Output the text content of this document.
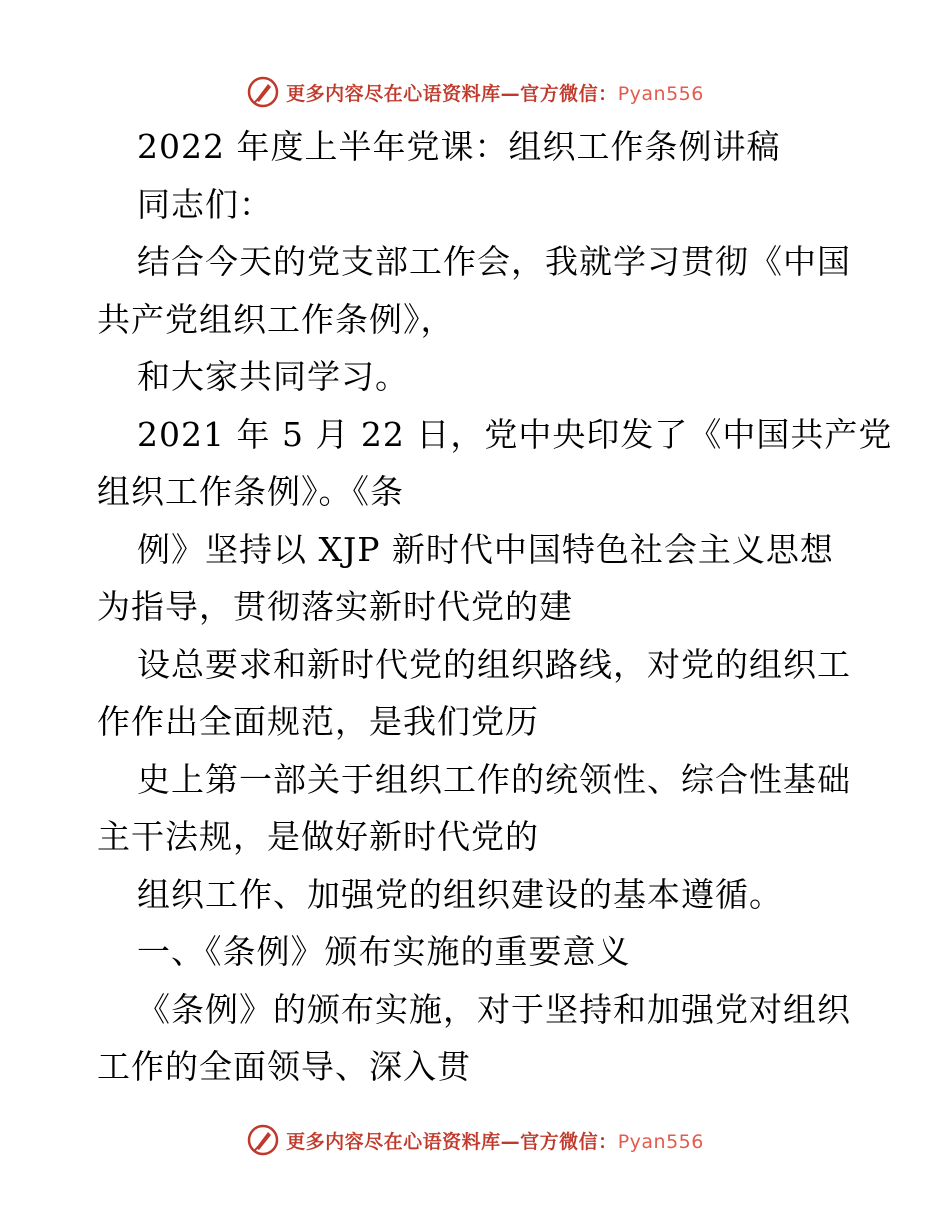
更多内容尽在心语资料库—官方微信：Pyan556
2022 年度上半年党课：组织工作条例讲稿
同志们：
结合今天的党支部工作会，我就学习贯彻《中国
共产党组织工作条例》，
和大家共同学习。
2021 年 5 月 22 日，党中央印发了《中国共产党
组织工作条例》。《条
例》坚持以 XJP 新时代中国特色社会主义思想
为指导，贯彻落实新时代党的建
设总要求和新时代党的组织路线，对党的组织工
作作出全面规范，是我们党历
史上第一部关于组织工作的统领性、综合性基础
主干法规，是做好新时代党的
组织工作、加强党的组织建设的基本遵循。
一、《条例》颁布实施的重要意义
《条例》的颁布实施，对于坚持和加强党对组织
工作的全面领导、深入贯
更多内容尽在心语资料库—官方微信：Pyan556
